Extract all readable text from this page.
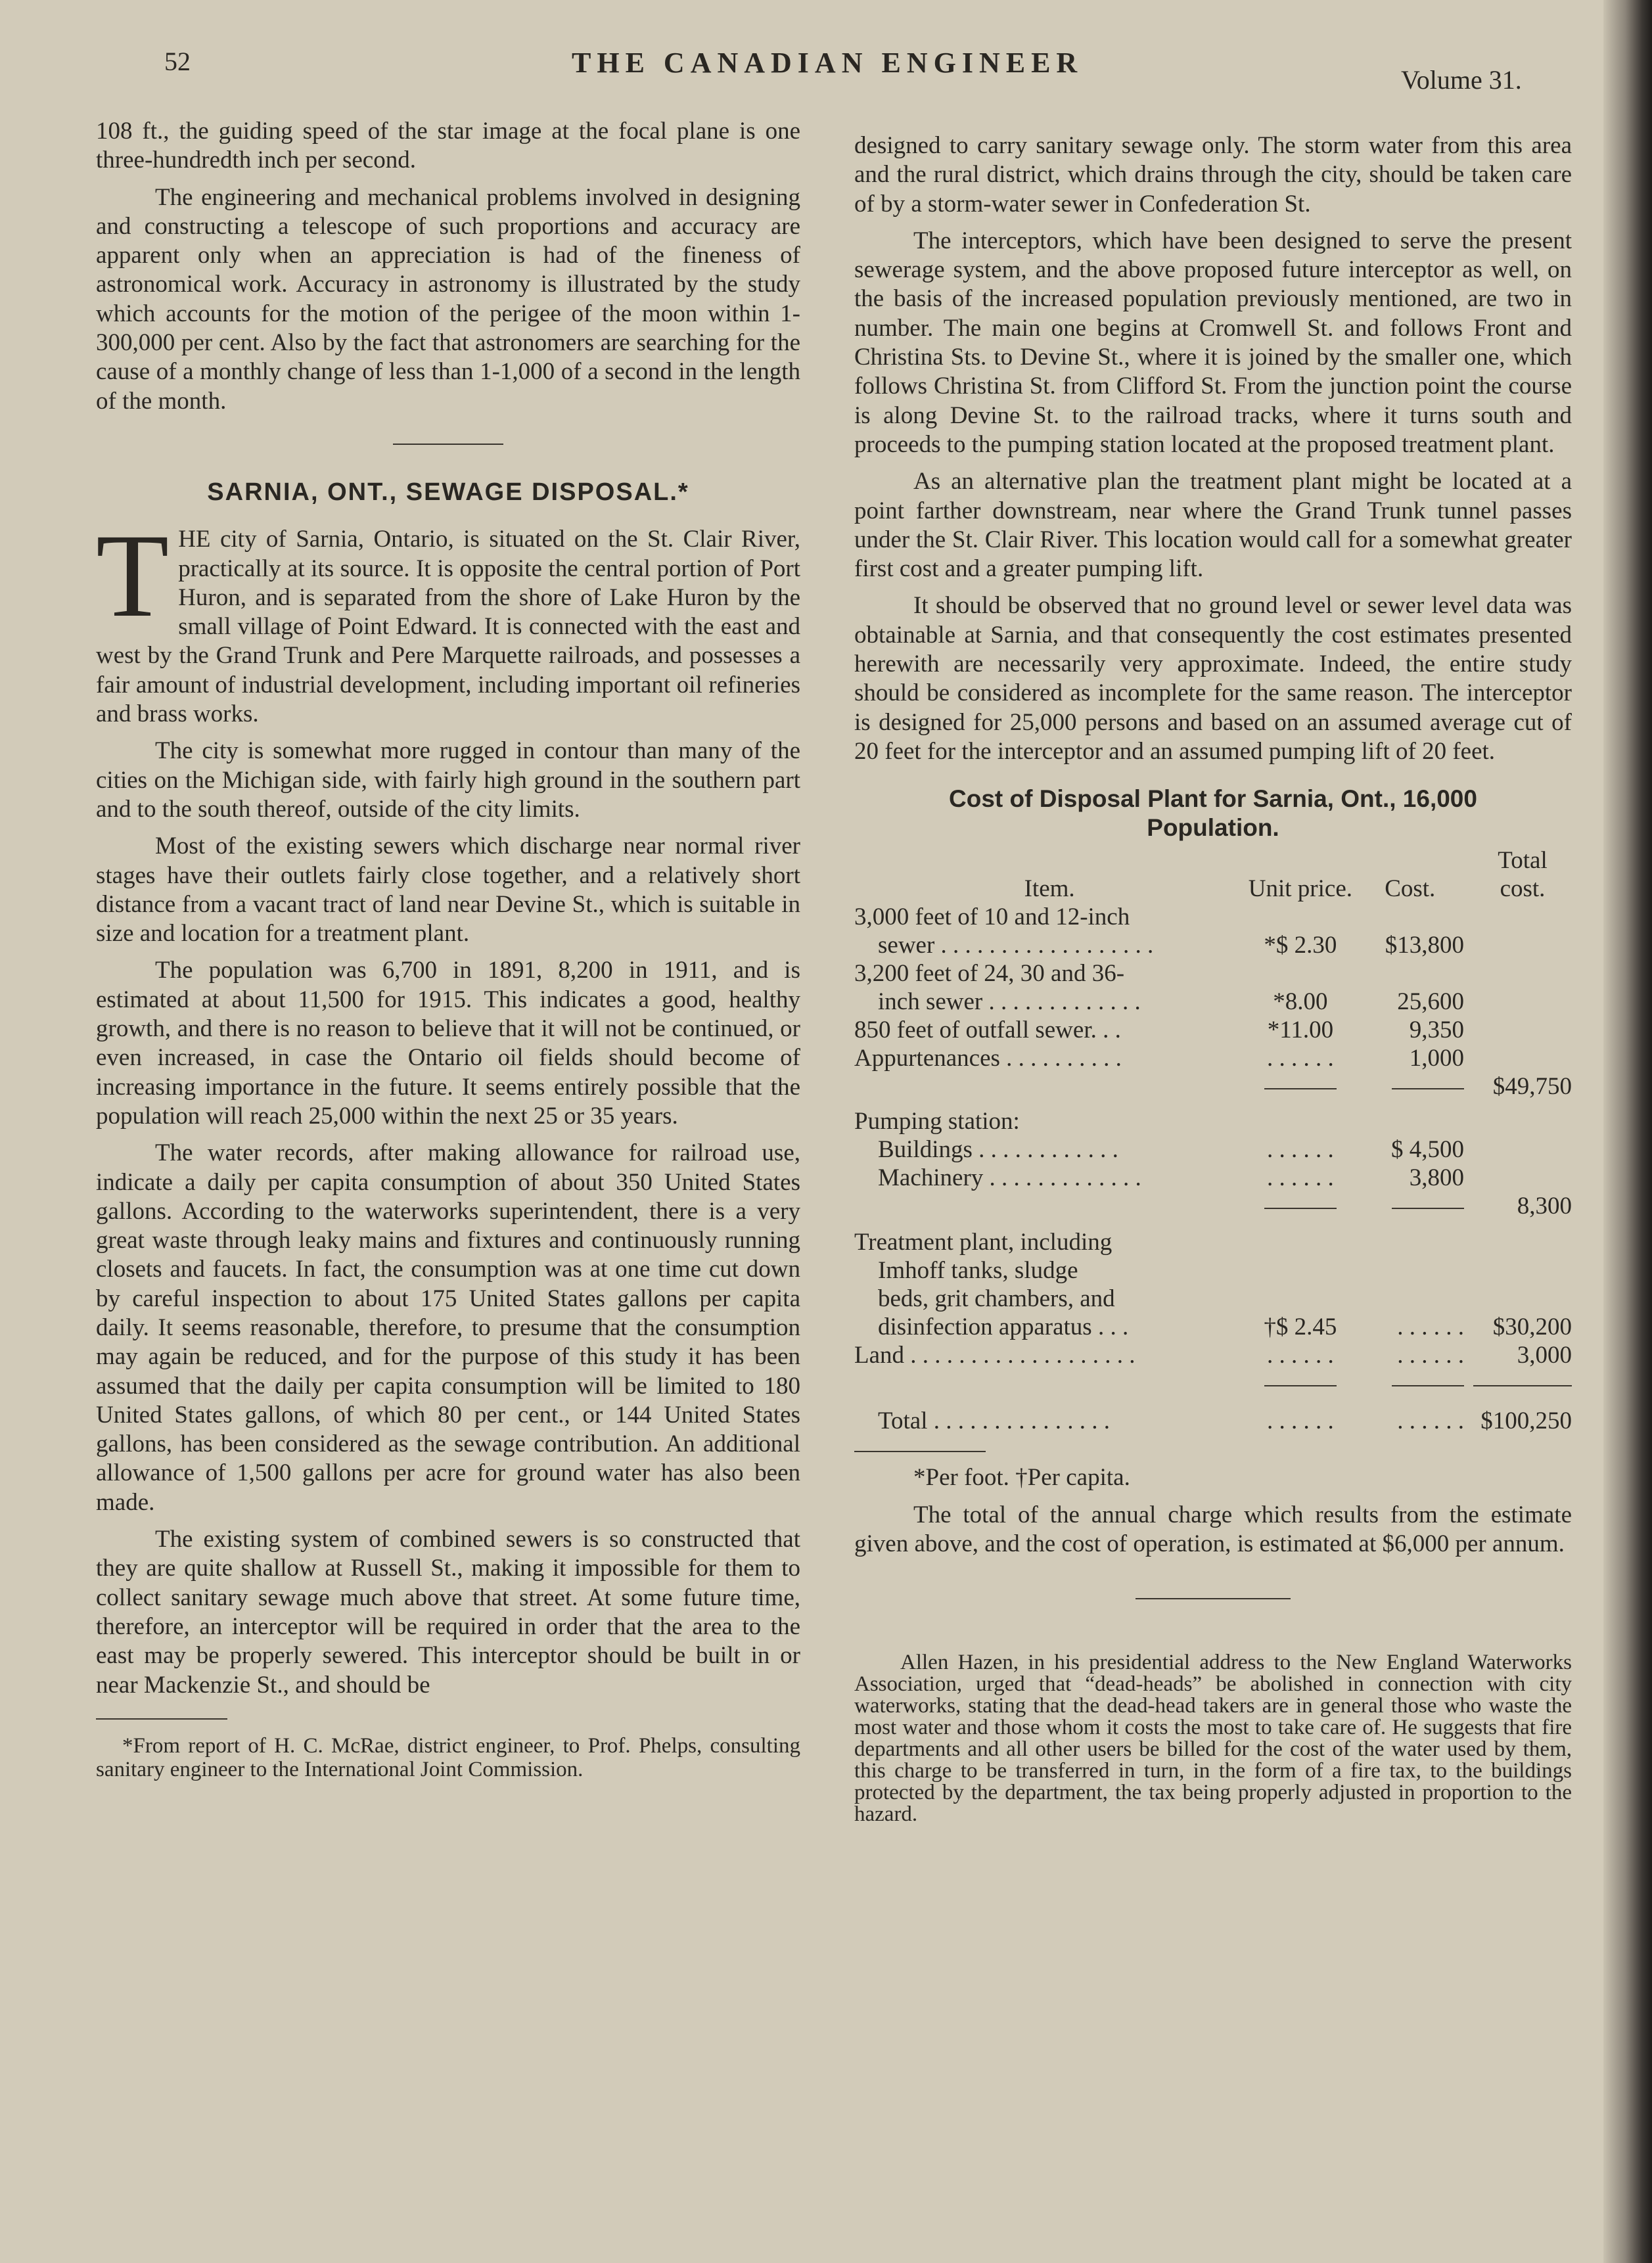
52	THE CANADIAN ENGINEER
Volume 31.

108 ft., the guiding speed of the star image at the focal plane is one three-hundredth inch per second.

The engineering and mechanical problems involved in designing and constructing a telescope of such proportions and accuracy are apparent only when an appreciation is had of the fineness of astronomical work. Accuracy in astronomy is illustrated by the study which accounts for the motion of the perigee of the moon within 1-300,000 per cent. Also by the fact that astronomers are searching for the cause of a monthly change of less than 1-1,000 of a second in the length of the month.

SARNIA, ONT., SEWAGE DISPOSAL.*

THE city of Sarnia, Ontario, is situated on the St. Clair River, practically at its source. It is opposite the central portion of Port Huron, and is separated from the shore of Lake Huron by the small village of Point Edward. It is connected with the east and west by the Grand Trunk and Pere Marquette railroads, and possesses a fair amount of industrial development, including important oil refineries and brass works.

The city is somewhat more rugged in contour than many of the cities on the Michigan side, with fairly high ground in the southern part and to the south thereof, outside of the city limits.

Most of the existing sewers which discharge near normal river stages have their outlets fairly close together, and a relatively short distance from a vacant tract of land near Devine St., which is suitable in size and location for a treatment plant.

The population was 6,700 in 1891, 8,200 in 1911, and is estimated at about 11,500 for 1915. This indicates a good, healthy growth, and there is no reason to believe that it will not be continued, or even increased, in case the Ontario oil fields should become of increasing importance in the future. It seems entirely possible that the population will reach 25,000 within the next 25 or 35 years.

The water records, after making allowance for railroad use, indicate a daily per capita consumption of about 350 United States gallons. According to the waterworks superintendent, there is a very great waste through leaky mains and fixtures and continuously running closets and faucets. In fact, the consumption was at one time cut down by careful inspection to about 175 United States gallons per capita daily. It seems reasonable, therefore, to presume that the consumption may again be reduced, and for the purpose of this study it has been assumed that the daily per capita consumption will be limited to 180 United States gallons, of which 80 per cent., or 144 United States gallons, has been considered as the sewage contribution. An additional allowance of 1,500 gallons per acre for ground water has also been made.

The existing system of combined sewers is so constructed that they are quite shallow at Russell St., making it impossible for them to collect sanitary sewage much above that street. At some future time, therefore, an interceptor will be required in order that the area to the east may be properly sewered. This interceptor should be built in or near Mackenzie St., and should be

*From report of H. C. McRae, district engineer, to Prof. Phelps, consulting sanitary engineer to the International Joint Commission.

designed to carry sanitary sewage only. The storm water from this area and the rural district, which drains through the city, should be taken care of by a storm-water sewer in Confederation St.

The interceptors, which have been designed to serve the present sewerage system, and the above proposed future interceptor as well, on the basis of the increased population previously mentioned, are two in number. The main one begins at Cromwell St. and follows Front and Christina Sts. to Devine St., where it is joined by the smaller one, which follows Christina St. from Clifford St. From the junction point the course is along Devine St. to the railroad tracks, where it turns south and proceeds to the pumping station located at the proposed treatment plant.

As an alternative plan the treatment plant might be located at a point farther downstream, near where the Grand Trunk tunnel passes under the St. Clair River. This location would call for a somewhat greater first cost and a greater pumping lift.

It should be observed that no ground level or sewer level data was obtainable at Sarnia, and that consequently the cost estimates presented herewith are necessarily very approximate. Indeed, the entire study should be considered as incomplete for the same reason. The interceptor is designed for 25,000 persons and based on an assumed average cut of 20 feet for the interceptor and an assumed pumping lift of 20 feet.

Cost of Disposal Plant for Sarnia, Ont., 16,000 Population.
Item.	Unit price.	Cost.	Total cost.
3,000 feet of 10 and 12-inch			
sewer . . . . . . . . . . . . . . . . . .	*$ 2.30	$13,800	
3,200 feet of 24, 30 and 36-			
inch sewer . . . . . . . . . . . . .	*8.00	25,600	
850 feet of outfall sewer. . .	*11.00	9,350	
Appurtenances . . . . . . . . . .	. . . . . .	1,000	
			$49,750
Pumping station:			
Buildings . . . . . . . . . . . .	. . . . . .	$ 4,500	
Machinery . . . . . . . . . . . . .	. . . . . .	3,800	
			8,300
Treatment plant, including			
Imhoff tanks, sludge			
beds, grit chambers, and			
disinfection apparatus . . .	†$ 2.45	. . . . . .	$30,200
Land . . . . . . . . . . . . . . . . . . .	. . . . . .	. . . . . .	3,000

Total . . . . . . . . . . . . . . .	. . . . . .	. . . . . .	$100,250

*Per foot. †Per capita.

The total of the annual charge which results from the estimate given above, and the cost of operation, is estimated at $6,000 per annum.

Allen Hazen, in his presidential address to the New England Waterworks Association, urged that “dead-heads” be abolished in connection with city waterworks, stating that the dead-head takers are in general those who waste the most water and those whom it costs the most to take care of. He suggests that fire departments and all other users be billed for the cost of the water used by them, this charge to be transferred in turn, in the form of a fire tax, to the buildings protected by the department, the tax being properly adjusted in proportion to the hazard.
